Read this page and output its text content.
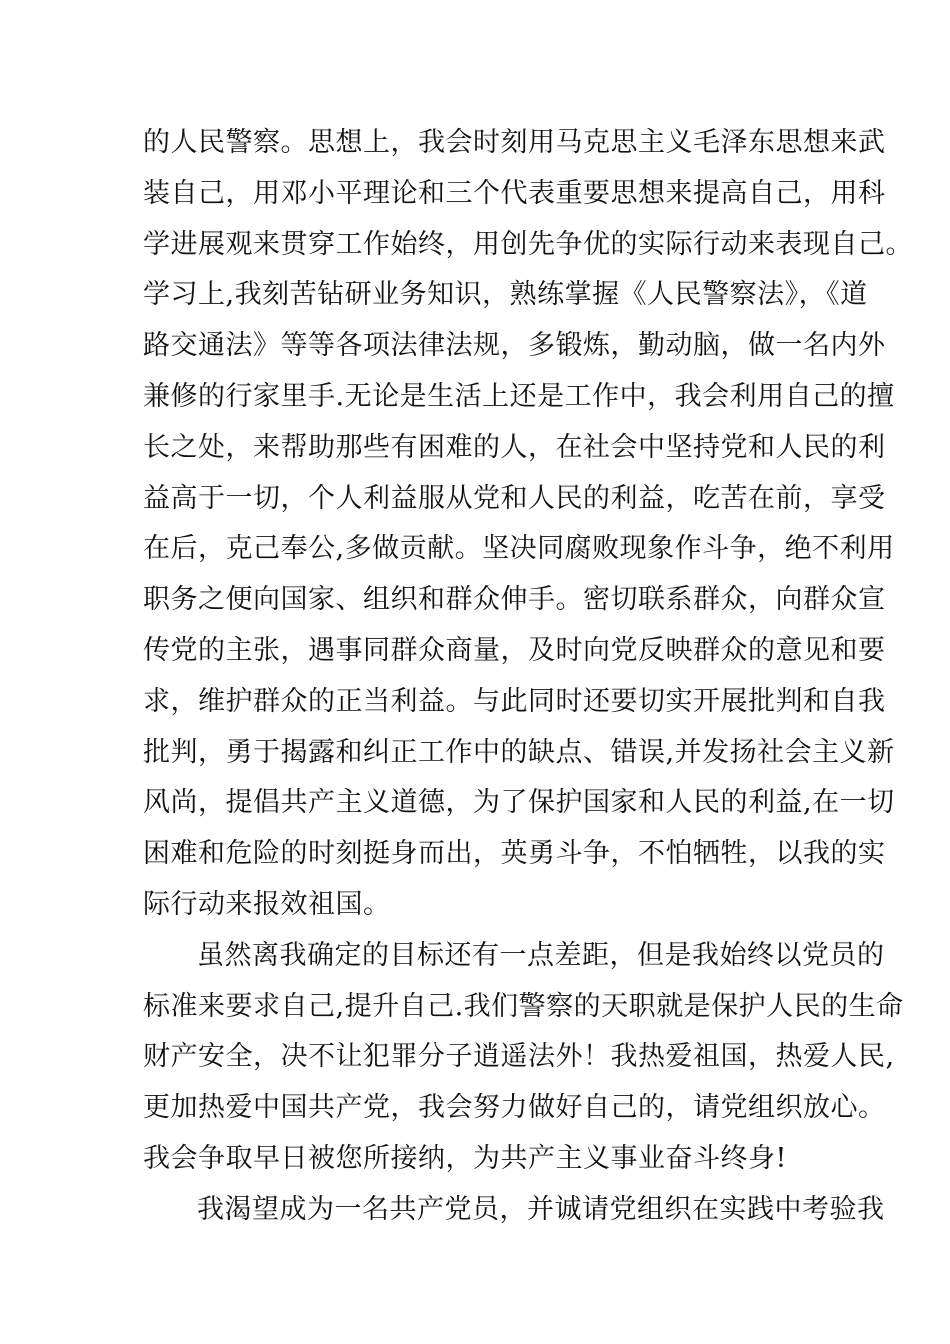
的人民警察。思想上，我会时刻用马克思主义毛泽东思想来武
装自己，用邓小平理论和三个代表重要思想来提高自己，用科
学进展观来贯穿工作始终，用创先争优的实际行动来表现自己。
学习上,我刻苦钻研业务知识，熟练掌握《人民警察法》，《道
路交通法》等等各项法律法规，多锻炼，勤动脑，做一名内外
兼修的行家里手.无论是生活上还是工作中，我会利用自己的擅
长之处，来帮助那些有困难的人，在社会中坚持党和人民的利
益高于一切，个人利益服从党和人民的利益，吃苦在前，享受
在后，克己奉公,多做贡献。坚决同腐败现象作斗争，绝不利用
职务之便向国家、组织和群众伸手。密切联系群众，向群众宣
传党的主张，遇事同群众商量，及时向党反映群众的意见和要
求，维护群众的正当利益。与此同时还要切实开展批判和自我
批判，勇于揭露和纠正工作中的缺点、错误,并发扬社会主义新
风尚，提倡共产主义道德，为了保护国家和人民的利益,在一切
困难和危险的时刻挺身而出，英勇斗争，不怕牺牲，以我的实
际行动来报效祖国。
虽然离我确定的目标还有一点差距，但是我始终以党员的
标准来要求自己,提升自己.我们警察的天职就是保护人民的生命
财产安全，决不让犯罪分子逍遥法外！我热爱祖国，热爱人民,
更加热爱中国共产党，我会努力做好自己的，请党组织放心。
我会争取早日被您所接纳，为共产主义事业奋斗终身!
我渴望成为一名共产党员，并诚请党组织在实践中考验我
